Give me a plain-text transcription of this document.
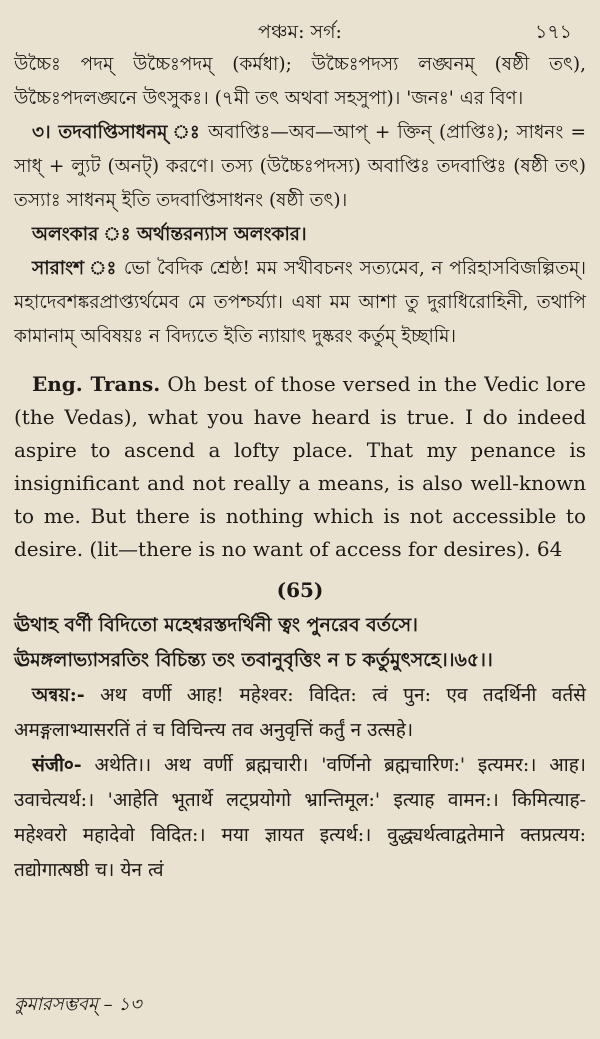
পঞ্চম: সর্গ:	১৭১

উচ্চৈঃ পদম্ উচ্চৈঃপদম্ (কর্মধা); উচ্চৈঃপদস্য লঙ্ঘনম্ (ষষ্ঠী তৎ), উচ্চৈঃপদলঙ্ঘনে উৎসুকঃ। (৭মী তৎ অথবা সহসুপা)। 'জনঃ' এর বিণ।

৩। তদবাপ্তিসাধনম্ ঃ অবাপ্তিঃ—অব—আপ্ + ক্তিন্ (প্রাপ্তিঃ); সাধনং = সাধ্ + ল্যুট (অনট্) করণে। তস্য (উচ্চৈঃপদস্য) অবাপ্তিঃ তদবাপ্তিঃ (ষষ্ঠী তৎ) তস্যাঃ সাধনম্ ইতি তদবাপ্তিসাধনং (ষষ্ঠী তৎ)।

অলংকার ঃ অর্থান্তরন্যাস অলংকার।

সারাংশ ঃ ভো বৈদিক শ্রেষ্ঠ! মম সখীবচনং সত্যমেব, ন পরিহাসবিজল্পিতম্। মহাদেবশঙ্করপ্রাপ্ত্যর্থমেব মে তপশ্চর্য্যা। এষা মম আশা তু দুরাধিরোহিনী, তথাপি কামানাম্ অবিষয়ঃ ন বিদ্যতে ইতি ন্যায়াৎ দুষ্করং কর্তুম্ ইচ্ছামি।

Eng. Trans. Oh best of those versed in the Vedic lore (the Vedas), what you have heard is true. I do indeed aspire to ascend a lofty place. That my penance is insignificant and not really a means, is also well-known to me. But there is nothing which is not accessible to desire. (lit—there is no want of access for desires). 64

(65)

ঊ্রথাহ বর্ণী বিদিতো মহেশ্বরস্তদর্থিনী ত্বং পুনরেব বর্তসে।

ঊ্রমঙ্গলাভ্যাসরতিং বিচিন্ত্য তং তবানুবৃত্তিং ন চ কর্তুমুৎসহে।।৬৫।।

অন্বয়:- अथ वर्णी आह! महेश्वर: विदित: त्वं पुन: एव तदर्थिनी वर्तसे अमङ्गलाभ्यासरतिं तं च विचिन्त्य तव अनुवृत्तिं कर्तुं न उत्सहे।

संजी०- अथेति।। अथ वर्णी ब्रह्मचारी। 'वर्णिनो ब्रह्मचारिण:' इत्यमर:। आह। उवाचेत्यर्थ:। 'आहेति भूतार्थे लट्प्रयोगो भ्रान्तिमूल:' इत्याह वामन:। किमित्याह-महेश्वरो महादेवो विदित:। मया ज्ञायत इत्यर्थ:। वुद्ध्यर्थत्वाद्वतेमाने क्तप्रत्यय: तद्योगात्षष्ठी च। येन त्वं

কুমারসম্ভবম্ – ১৩
